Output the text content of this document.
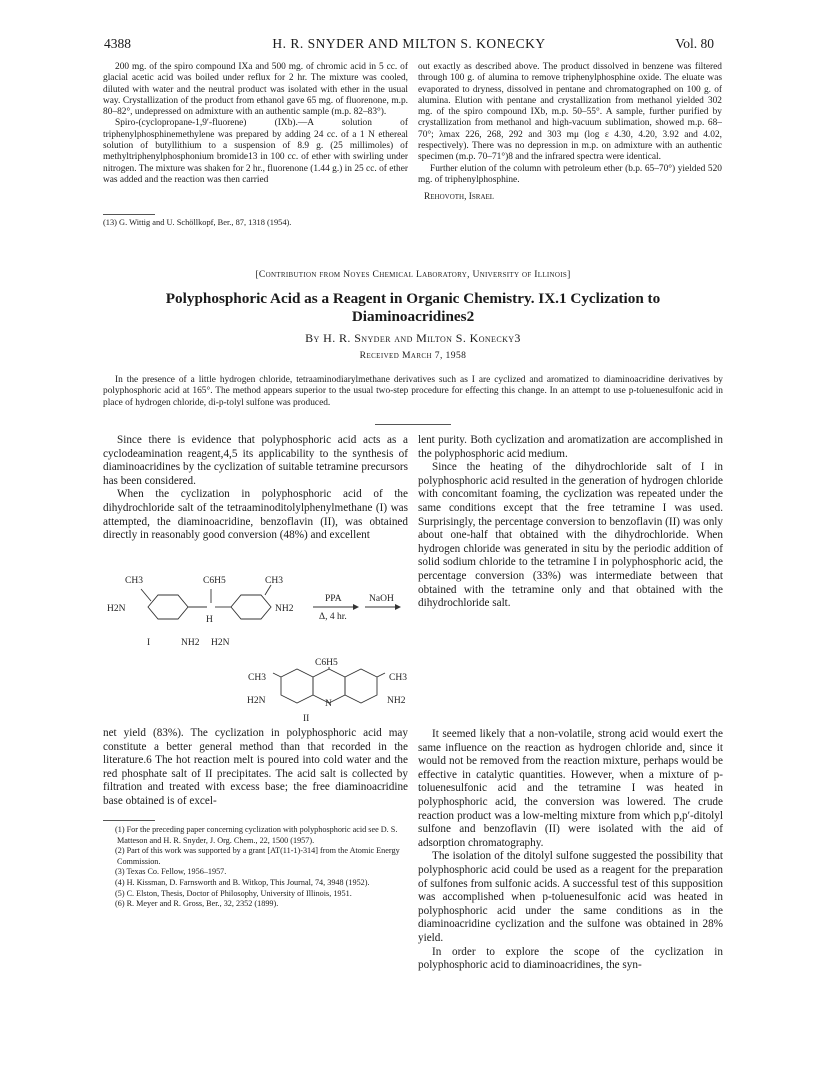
4388	H. R. SNYDER AND MILTON S. KONECKY	Vol. 80

200 mg. of the spiro compound IXa and 500 mg. of chromic acid in 5 cc. of glacial acetic acid was boiled under reflux for 2 hr. The mixture was cooled, diluted with water and the neutral product was isolated with ether in the usual way. Crystallization of the product from ethanol gave 65 mg. of fluorenone, m.p. 80–82°, undepressed on admixture with an authentic sample (m.p. 82–83°).

Spiro-(cyclopropane-1,9′-fluorene) (IXb).—A solution of triphenylphosphinemethylene was prepared by adding 24 cc. of a 1 N ethereal solution of butyllithium to a suspension of 8.9 g. (25 millimoles) of methyltriphenylphosphonium bromide13 in 100 cc. of ether with swirling under nitrogen. The mixture was shaken for 2 hr., fluorenone (1.44 g.) in 25 cc. of ether was added and the reaction was then carried

(13) G. Wittig and U. Schöllkopf, Ber., 87, 1318 (1954).

out exactly as described above. The product dissolved in benzene was filtered through 100 g. of alumina to remove triphenylphosphine oxide. The eluate was evaporated to dryness, dissolved in pentane and chromatographed on 100 g. of alumina. Elution with pentane and crystallization from methanol yielded 302 mg. of the spiro compound IXb, m.p. 50–55°. A sample, further purified by crystallization from methanol and high-vacuum sublimation, showed m.p. 68–70°; λmax 226, 268, 292 and 303 mμ (log ε 4.30, 4.20, 3.92 and 4.02, respectively). There was no depression in m.p. on admixture with an authentic specimen (m.p. 70–71°)8 and the infrared spectra were identical.

Further elution of the column with petroleum ether (b.p. 65–70°) yielded 520 mg. of triphenylphosphine.

Rehovoth, Israel

[Contribution from Noyes Chemical Laboratory, University of Illinois]
Polyphosphoric Acid as a Reagent in Organic Chemistry. IX.1 Cyclization to Diaminoacridines2
By H. R. Snyder and Milton S. Konecky3
Received March 7, 1958
In the presence of a little hydrogen chloride, tetraaminodiarylmethane derivatives such as I are cyclized and aromatized to diaminoacridine derivatives by polyphosphoric acid at 165°. The method appears superior to the usual two-step procedure for effecting this change. In an attempt to use p-toluenesulfonic acid in place of hydrogen chloride, di-p-tolyl sulfone was produced.

Since there is evidence that polyphosphoric acid acts as a cyclodeamination reagent,4,5 its applicability to the synthesis of diaminoacridines by the cyclization of suitable tetramine precursors has been considered.

When the cyclization in polyphosphoric acid of the dihydrochloride salt of the tetraaminoditolylphenylmethane (I) was attempted, the diaminoacridine, benzoflavin (II), was obtained directly in reasonably good conversion (48%) and excellent

CH3	C6H5	CH3
H2N
H
NH2
I	NH2 H2N
PPA
Δ, 4 hr.
NaOH
C6H5
CH3	CH3
H2N	N	NH2
II
net yield (83%). The cyclization in polyphosphoric acid may constitute a better general method than that recorded in the literature.6 The hot reaction melt is poured into cold water and the red phosphate salt of II precipitates. The acid salt is collected by filtration and treated with excess base; the free diaminoacridine base obtained is of excel-

(1) For the preceding paper concerning cyclization with polyphosphoric acid see D. S. Matteson and H. R. Snyder, J. Org. Chem., 22, 1500 (1957).

(2) Part of this work was supported by a grant [AT(11-1)-314] from the Atomic Energy Commission.

(3) Texas Co. Fellow, 1956–1957.

(4) H. Kissman, D. Farnsworth and B. Witkop, This Journal, 74, 3948 (1952).

(5) C. Elston, Thesis, Doctor of Philosophy, University of Illinois, 1951.

(6) R. Meyer and R. Gross, Ber., 32, 2352 (1899).

lent purity. Both cyclization and aromatization are accomplished in the polyphosphoric acid medium.

Since the heating of the dihydrochloride salt of I in polyphosphoric acid resulted in the generation of hydrogen chloride with concomitant foaming, the cyclization was repeated under the same conditions except that the free tetramine I was used. Surprisingly, the percentage conversion to benzoflavin (II) was only about one-half that obtained with the dihydrochloride. When hydrogen chloride was generated in situ by the periodic addition of solid sodium chloride to the tetramine I in polyphosphoric acid, the percentage conversion (33%) was intermediate between that obtained with the tetramine only and that obtained with the dihydrochloride salt.

It seemed likely that a non-volatile, strong acid would exert the same influence on the reaction as hydrogen chloride and, since it would not be removed from the reaction mixture, perhaps would be effective in catalytic quantities. However, when a mixture of p-toluenesulfonic acid and the tetramine I was heated in polyphosphoric acid, the conversion was lowered. The crude reaction product was a low-melting mixture from which p,p′-ditolyl sulfone and benzoflavin (II) were isolated with the aid of adsorption chromatography.

The isolation of the ditolyl sulfone suggested the possibility that polyphosphoric acid could be used as a reagent for the preparation of sulfones from sulfonic acids. A successful test of this supposition was accomplished when p-toluenesulfonic acid was heated in polyphosphoric acid under the same conditions as in the diaminoacridine cyclization and the sulfone was obtained in 28% yield.

In order to explore the scope of the cyclization in polyphosphoric acid to diaminoacridines, the syn-
